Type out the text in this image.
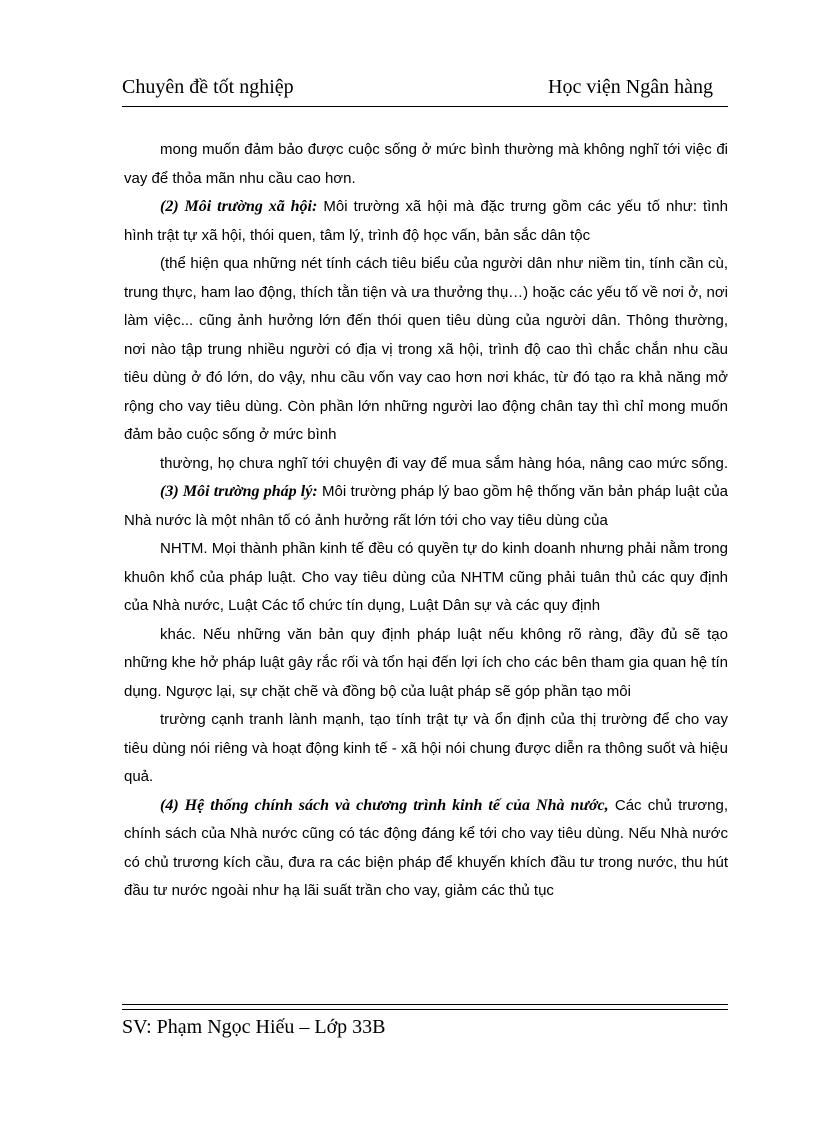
Chuyên đề tốt nghiệp	Học viện Ngân hàng

mong muốn đảm bảo được cuộc sống ở mức bình thường mà không nghĩ tới việc đi vay để thỏa mãn nhu cầu cao hơn.

(2) Môi trường xã hội: Môi trường xã hội mà đặc trưng gồm các yếu tố như: tình hình trật tự xã hội, thói quen, tâm lý, trình độ học vấn, bản sắc dân tộc

(thể hiện qua những nét tính cách tiêu biểu của người dân như niềm tin, tính cần cù, trung thực, ham lao động, thích tằn tiện và ưa thưởng thụ…) hoặc các yếu tố về nơi ở, nơi làm việc... cũng ảnh hưởng lớn đến thói quen tiêu dùng của người dân. Thông thường, nơi nào tập trung nhiều người có địa vị trong xã hội, trình độ cao thì chắc chắn nhu cầu tiêu dùng ở đó lớn, do vậy, nhu cầu vốn vay cao hơn nơi khác, từ đó tạo ra khả năng mở rộng cho vay tiêu dùng. Còn phần lớn những người lao động chân tay thì chỉ mong muốn đảm bảo cuộc sống ở mức bình

thường, họ chưa nghĩ tới chuyện đi vay để mua sắm hàng hóa, nâng cao mức sống.

(3) Môi trường pháp lý: Môi trường pháp lý bao gồm hệ thống văn bản pháp luật của Nhà nước là một nhân tố có ảnh hưởng rất lớn tới cho vay tiêu dùng của

NHTM. Mọi thành phần kinh tế đều có quyền tự do kinh doanh nhưng phải nằm trong khuôn khổ của pháp luật. Cho vay tiêu dùng của NHTM cũng phải tuân thủ các quy định của Nhà nước, Luật Các tổ chức tín dụng, Luật Dân sự và các quy định

khác. Nếu những văn bản quy định pháp luật nếu không rõ ràng, đầy đủ sẽ tạo những khe hở pháp luật gây rắc rối và tổn hại đến lợi ích cho các bên tham gia quan hệ tín dụng. Ngược lại, sự chặt chẽ và đồng bộ của luật pháp sẽ góp phần tạo môi

trường cạnh tranh lành mạnh, tạo tính trật tự và ổn định của thị trường để cho vay tiêu dùng nói riêng và hoạt động kinh tế - xã hội nói chung được diễn ra thông suốt và hiệu quả.

(4) Hệ thống chính sách và chương trình kinh tế của Nhà nước, Các chủ trương, chính sách của Nhà nước cũng có tác động đáng kể tới cho vay tiêu dùng. Nếu Nhà nước có chủ trương kích cầu, đưa ra các biện pháp để khuyến khích đầu tư trong nước, thu hút đầu tư nước ngoài như hạ lãi suất trần cho vay, giảm các thủ tục

SV: Phạm Ngọc Hiếu – Lớp 33B
